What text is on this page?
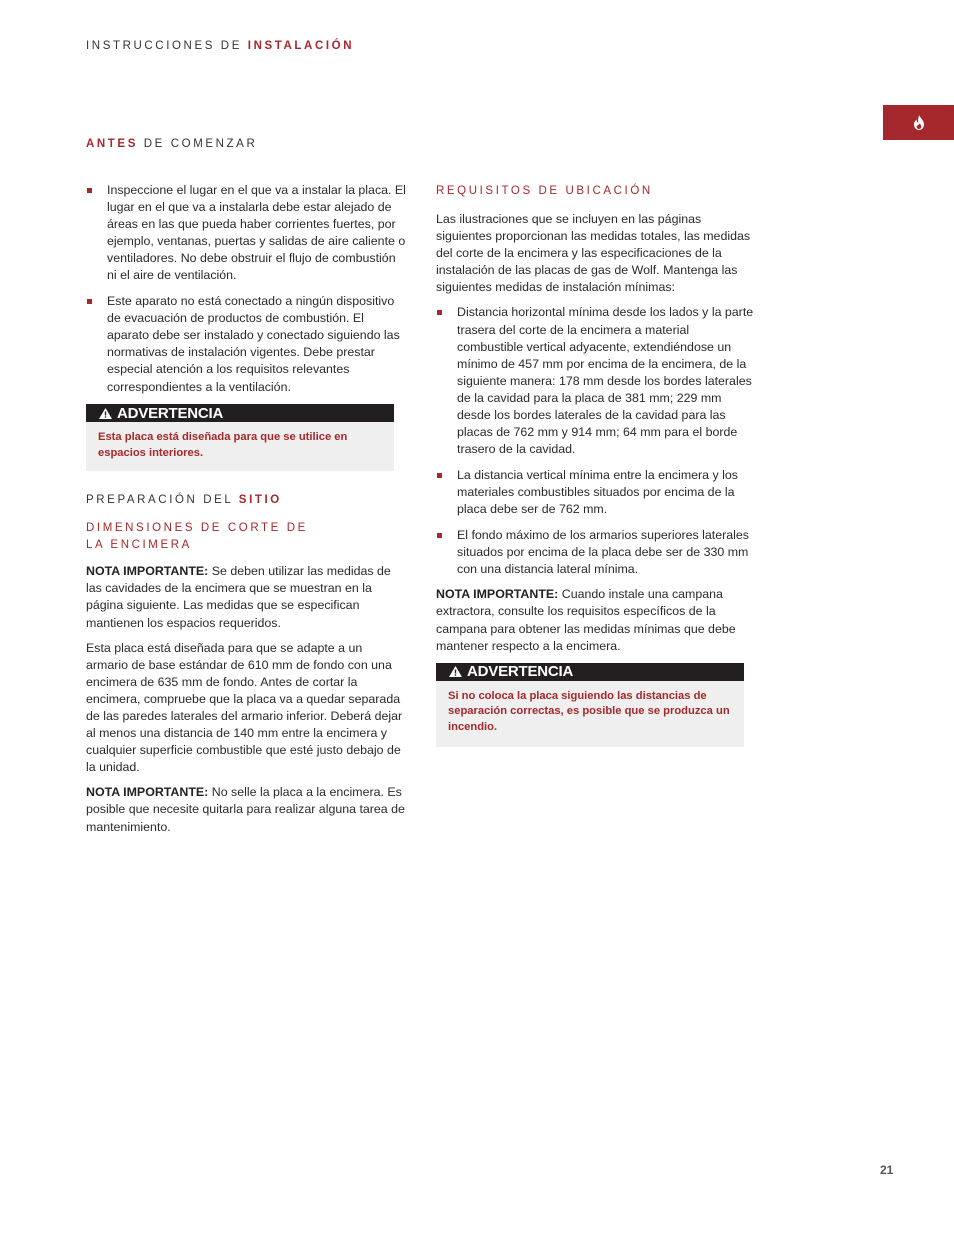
INSTRUCCIONES DE INSTALACIÓN
ANTES DE COMENZAR
Inspeccione el lugar en el que va a instalar la placa. El lugar en el que va a instalarla debe estar alejado de áreas en las que pueda haber corrientes fuertes, por ejemplo, ventanas, puertas y salidas de aire caliente o ventiladores. No debe obstruir el flujo de combustión ni el aire de ventilación.
Este aparato no está conectado a ningún dispositivo de evacuación de productos de combustión. El aparato debe ser instalado y conectado siguiendo las normativas de instalación vigentes. Debe prestar especial atención a los requisitos relevantes correspondientes a la ventilación.
ADVERTENCIA
Esta placa está diseñada para que se utilice en espacios interiores.
PREPARACIÓN DEL SITIO
DIMENSIONES DE CORTE DE
LA ENCIMERA

NOTA IMPORTANTE: Se deben utilizar las medidas de las cavidades de la encimera que se muestran en la página siguiente. Las medidas que se especifican mantienen los espacios requeridos.

Esta placa está diseñada para que se adapte a un armario de base estándar de 610 mm de fondo con una encimera de 635 mm de fondo. Antes de cortar la encimera, compruebe que la placa va a quedar separada de las paredes laterales del armario inferior. Deberá dejar al menos una distancia de 140 mm entre la encimera y cualquier superficie combustible que esté justo debajo de la unidad.

NOTA IMPORTANTE: No selle la placa a la encimera. Es posible que necesite quitarla para realizar alguna tarea de mantenimiento.

REQUISITOS DE UBICACIÓN

Las ilustraciones que se incluyen en las páginas siguientes proporcionan las medidas totales, las medidas del corte de la encimera y las especificaciones de la instalación de las placas de gas de Wolf. Mantenga las siguientes medidas de instalación mínimas:

Distancia horizontal mínima desde los lados y la parte trasera del corte de la encimera a material combustible vertical adyacente, extendiéndose un mínimo de 457 mm por encima de la encimera, de la siguiente manera: 178 mm desde los bordes laterales de la cavidad para la placa de 381 mm; 229 mm desde los bordes laterales de la cavidad para las placas de 762 mm y 914 mm; 64 mm para el borde trasero de la cavidad.
La distancia vertical mínima entre la encimera y los materiales combustibles situados por encima de la placa debe ser de 762 mm.
El fondo máximo de los armarios superiores laterales situados por encima de la placa debe ser de 330 mm con una distancia lateral mínima.

NOTA IMPORTANTE: Cuando instale una campana extractora, consulte los requisitos específicos de la campana para obtener las medidas mínimas que debe mantener respecto a la encimera.

ADVERTENCIA
Si no coloca la placa siguiendo las distancias de separación correctas, es posible que se produzca un incendio.
21
